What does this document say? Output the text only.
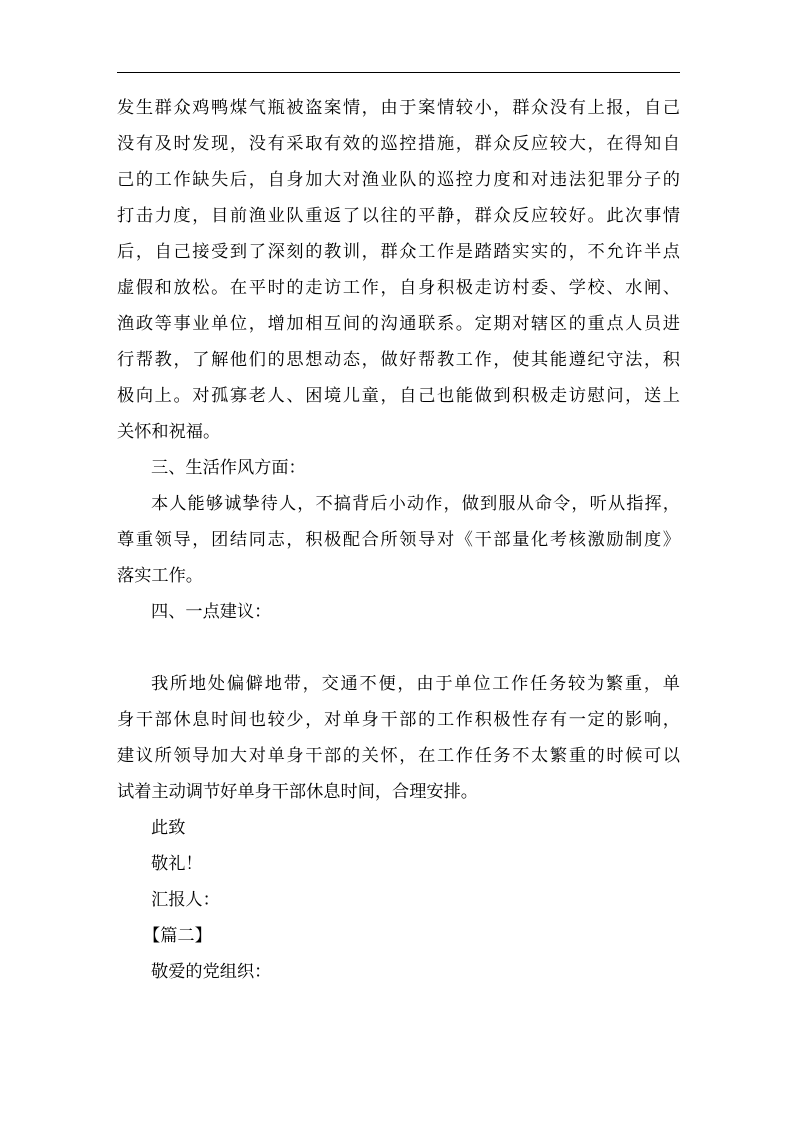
发生群众鸡鸭煤气瓶被盗案情，由于案情较小，群众没有上报，自己
没有及时发现，没有采取有效的巡控措施，群众反应较大，在得知自
己的工作缺失后，自身加大对渔业队的巡控力度和对违法犯罪分子的
打击力度，目前渔业队重返了以往的平静，群众反应较好。此次事情
后，自己接受到了深刻的教训，群众工作是踏踏实实的，不允许半点
虚假和放松。在平时的走访工作，自身积极走访村委、学校、水闸、
渔政等事业单位，增加相互间的沟通联系。定期对辖区的重点人员进
行帮教，了解他们的思想动态，做好帮教工作，使其能遵纪守法，积
极向上。对孤寡老人、困境儿童，自己也能做到积极走访慰问，送上
关怀和祝福。
三、生活作风方面：
本人能够诚挚待人，不搞背后小动作，做到服从命令，听从指挥，
尊重领导，团结同志，积极配合所领导对《干部量化考核激励制度》
落实工作。
四、一点建议：
我所地处偏僻地带，交通不便，由于单位工作任务较为繁重，单
身干部休息时间也较少，对单身干部的工作积极性存有一定的影响，
建议所领导加大对单身干部的关怀，在工作任务不太繁重的时候可以
试着主动调节好单身干部休息时间，合理安排。
此致
敬礼！
汇报人：
【篇二】
敬爱的党组织：
